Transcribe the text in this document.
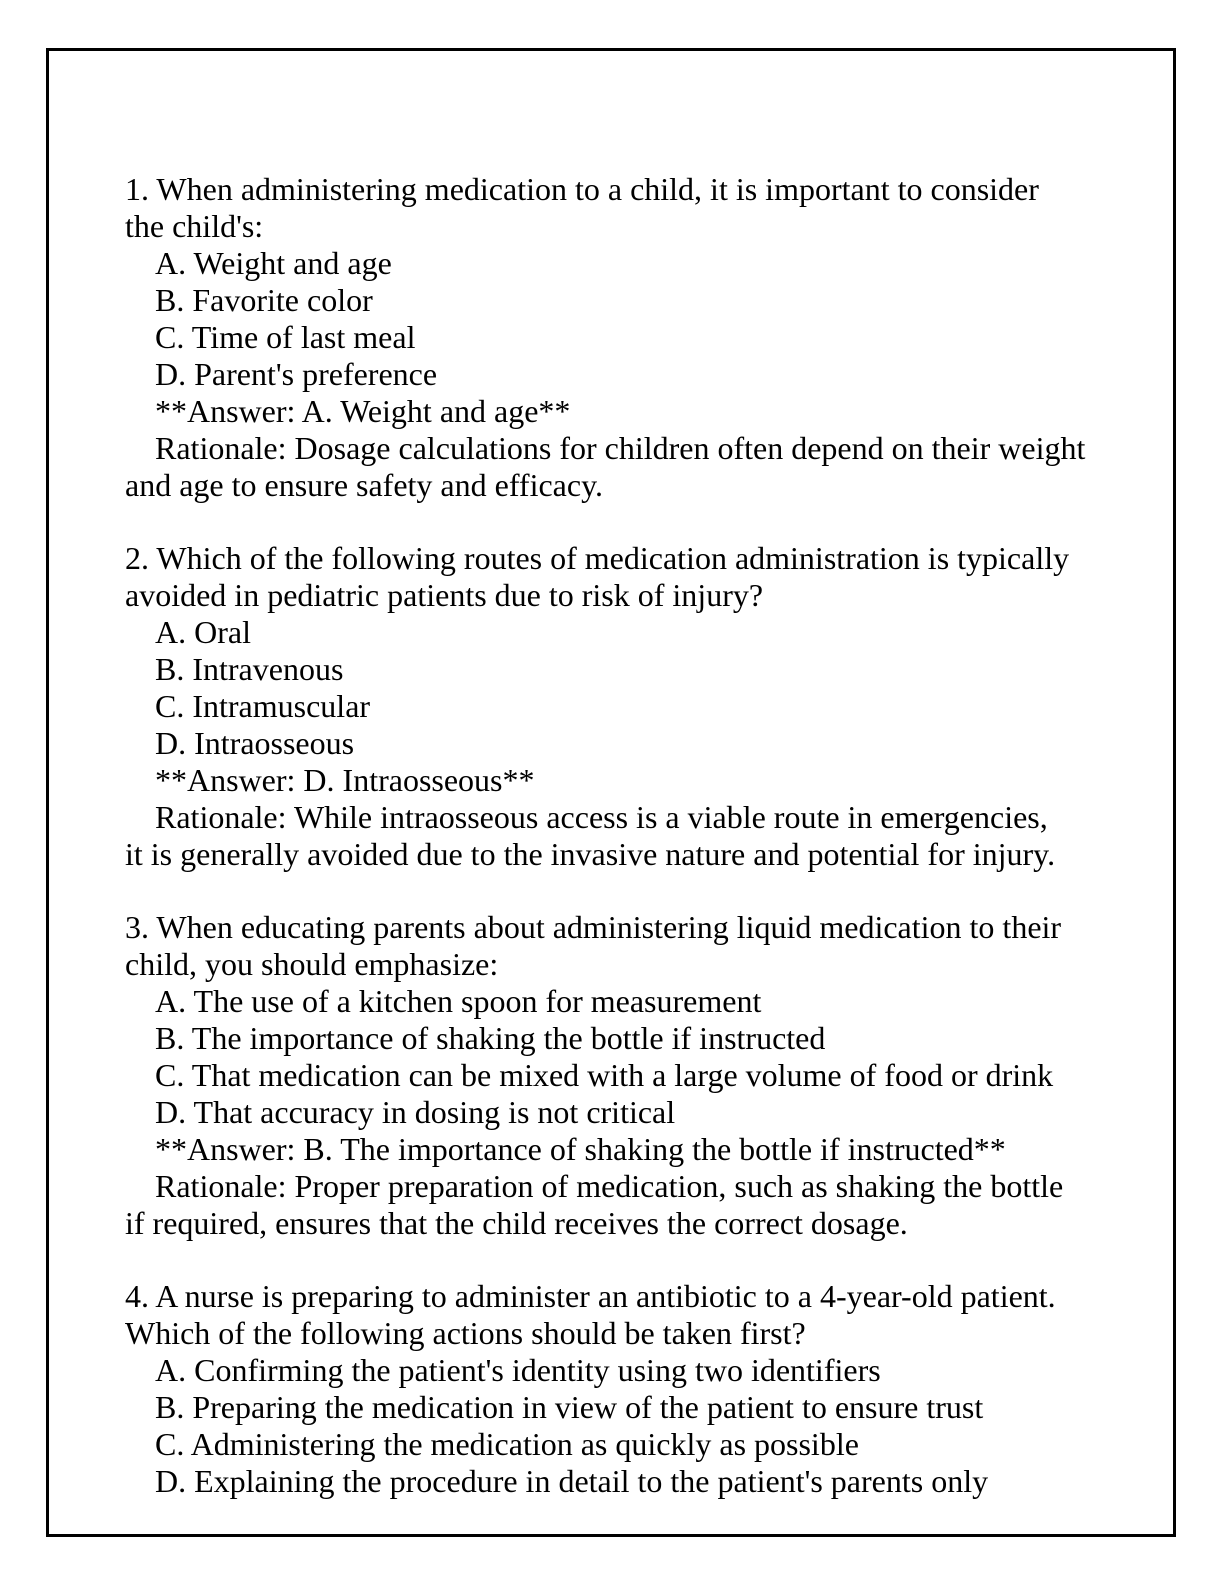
1. When administering medication to a child, it is important to consider the child's:

A. Weight and age

B. Favorite color

C. Time of last meal

D. Parent's preference

**Answer: A. Weight and age**

Rationale: Dosage calculations for children often depend on their weight and age to ensure safety and efficacy.

2. Which of the following routes of medication administration is typically avoided in pediatric patients due to risk of injury?

A. Oral

B. Intravenous

C. Intramuscular

D. Intraosseous

**Answer: D. Intraosseous**

Rationale: While intraosseous access is a viable route in emergencies, it is generally avoided due to the invasive nature and potential for injury.

3. When educating parents about administering liquid medication to their child, you should emphasize:

A. The use of a kitchen spoon for measurement

B. The importance of shaking the bottle if instructed

C. That medication can be mixed with a large volume of food or drink

D. That accuracy in dosing is not critical

**Answer: B. The importance of shaking the bottle if instructed**

Rationale: Proper preparation of medication, such as shaking the bottle if required, ensures that the child receives the correct dosage.

4. A nurse is preparing to administer an antibiotic to a 4-year-old patient. Which of the following actions should be taken first?

A. Confirming the patient's identity using two identifiers

B. Preparing the medication in view of the patient to ensure trust

C. Administering the medication as quickly as possible

D. Explaining the procedure in detail to the patient's parents only
